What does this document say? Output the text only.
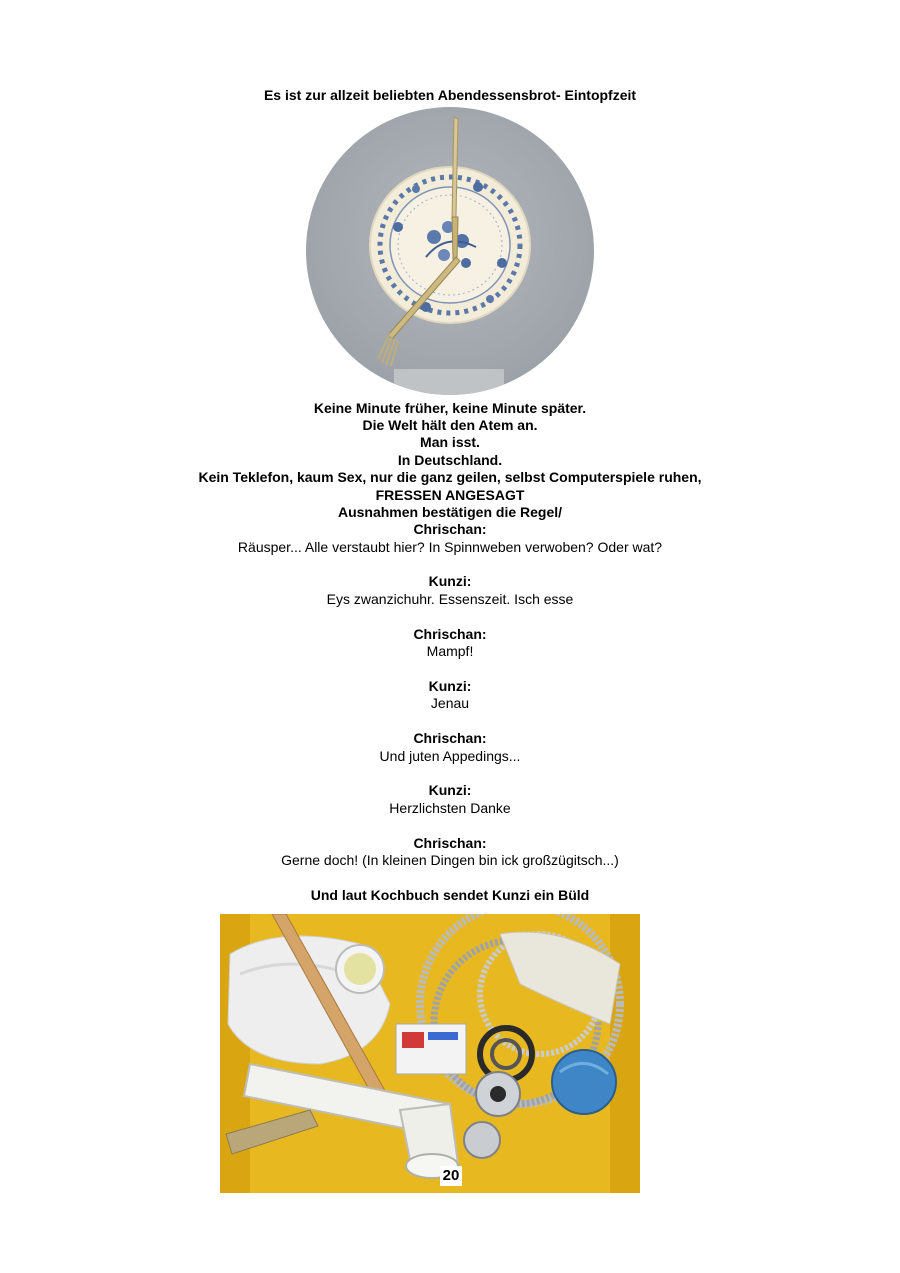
Es ist zur allzeit beliebten Abendessensbrot- Eintopfzeit
Keine Minute früher, keine Minute später.
Die Welt hält den Atem an.
Man isst.
In Deutschland.
Kein Teklefon, kaum Sex, nur die ganz geilen, selbst Computerspiele ruhen,
FRESSEN ANGESAGT
Ausnahmen bestätigen die Regel/
Chrischan:
Räusper... Alle verstaubt hier? In Spinnweben verwoben? Oder wat?
Kunzi:
Eys zwanzichuhr. Essenszeit. Isch esse
Chrischan:
Mampf!
Kunzi:
Jenau
Chrischan:
Und juten Appedings...
Kunzi:
Herzlichsten Danke
Chrischan:
Gerne doch! (In kleinen Dingen bin ick großzügitsch...)
Und laut Kochbuch sendet Kunzi ein Büld
20
